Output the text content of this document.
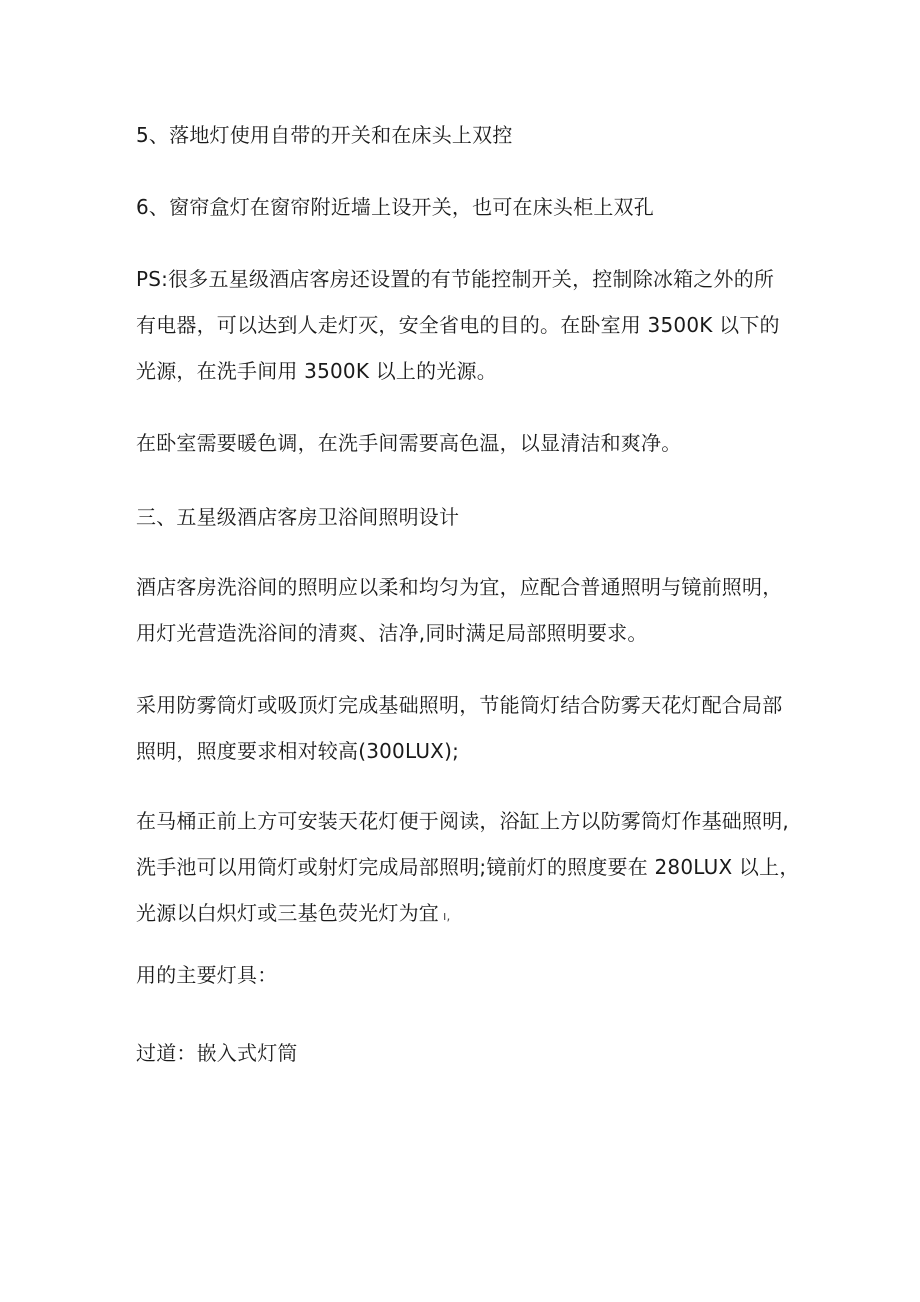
5、落地灯使用自带的开关和在床头上双控

6、窗帘盒灯在窗帘附近墙上设开关，也可在床头柜上双孔

PS:很多五星级酒店客房还设置的有节能控制开关，控制除冰箱之外的所
有电器，可以达到人走灯灭，安全省电的目的。在卧室用 3500K 以下的
光源，在洗手间用 3500K 以上的光源。

在卧室需要暖色调，在洗手间需要高色温，以显清洁和爽净。

三、五星级酒店客房卫浴间照明设计

酒店客房洗浴间的照明应以柔和均匀为宜，应配合普通照明与镜前照明，
用灯光营造洗浴间的清爽、洁净,同时满足局部照明要求。

采用防雾筒灯或吸顶灯完成基础照明，节能筒灯结合防雾天花灯配合局部
照明，照度要求相对较高(300LUX);

在马桶正前上方可安装天花灯便于阅读，浴缸上方以防雾筒灯作基础照明,
洗手池可以用筒灯或射灯完成局部照明;镜前灯的照度要在 280LUX 以上，
光源以白炽灯或三基色荧光灯为宜 ı,

用的主要灯具：

过道：嵌入式灯筒
